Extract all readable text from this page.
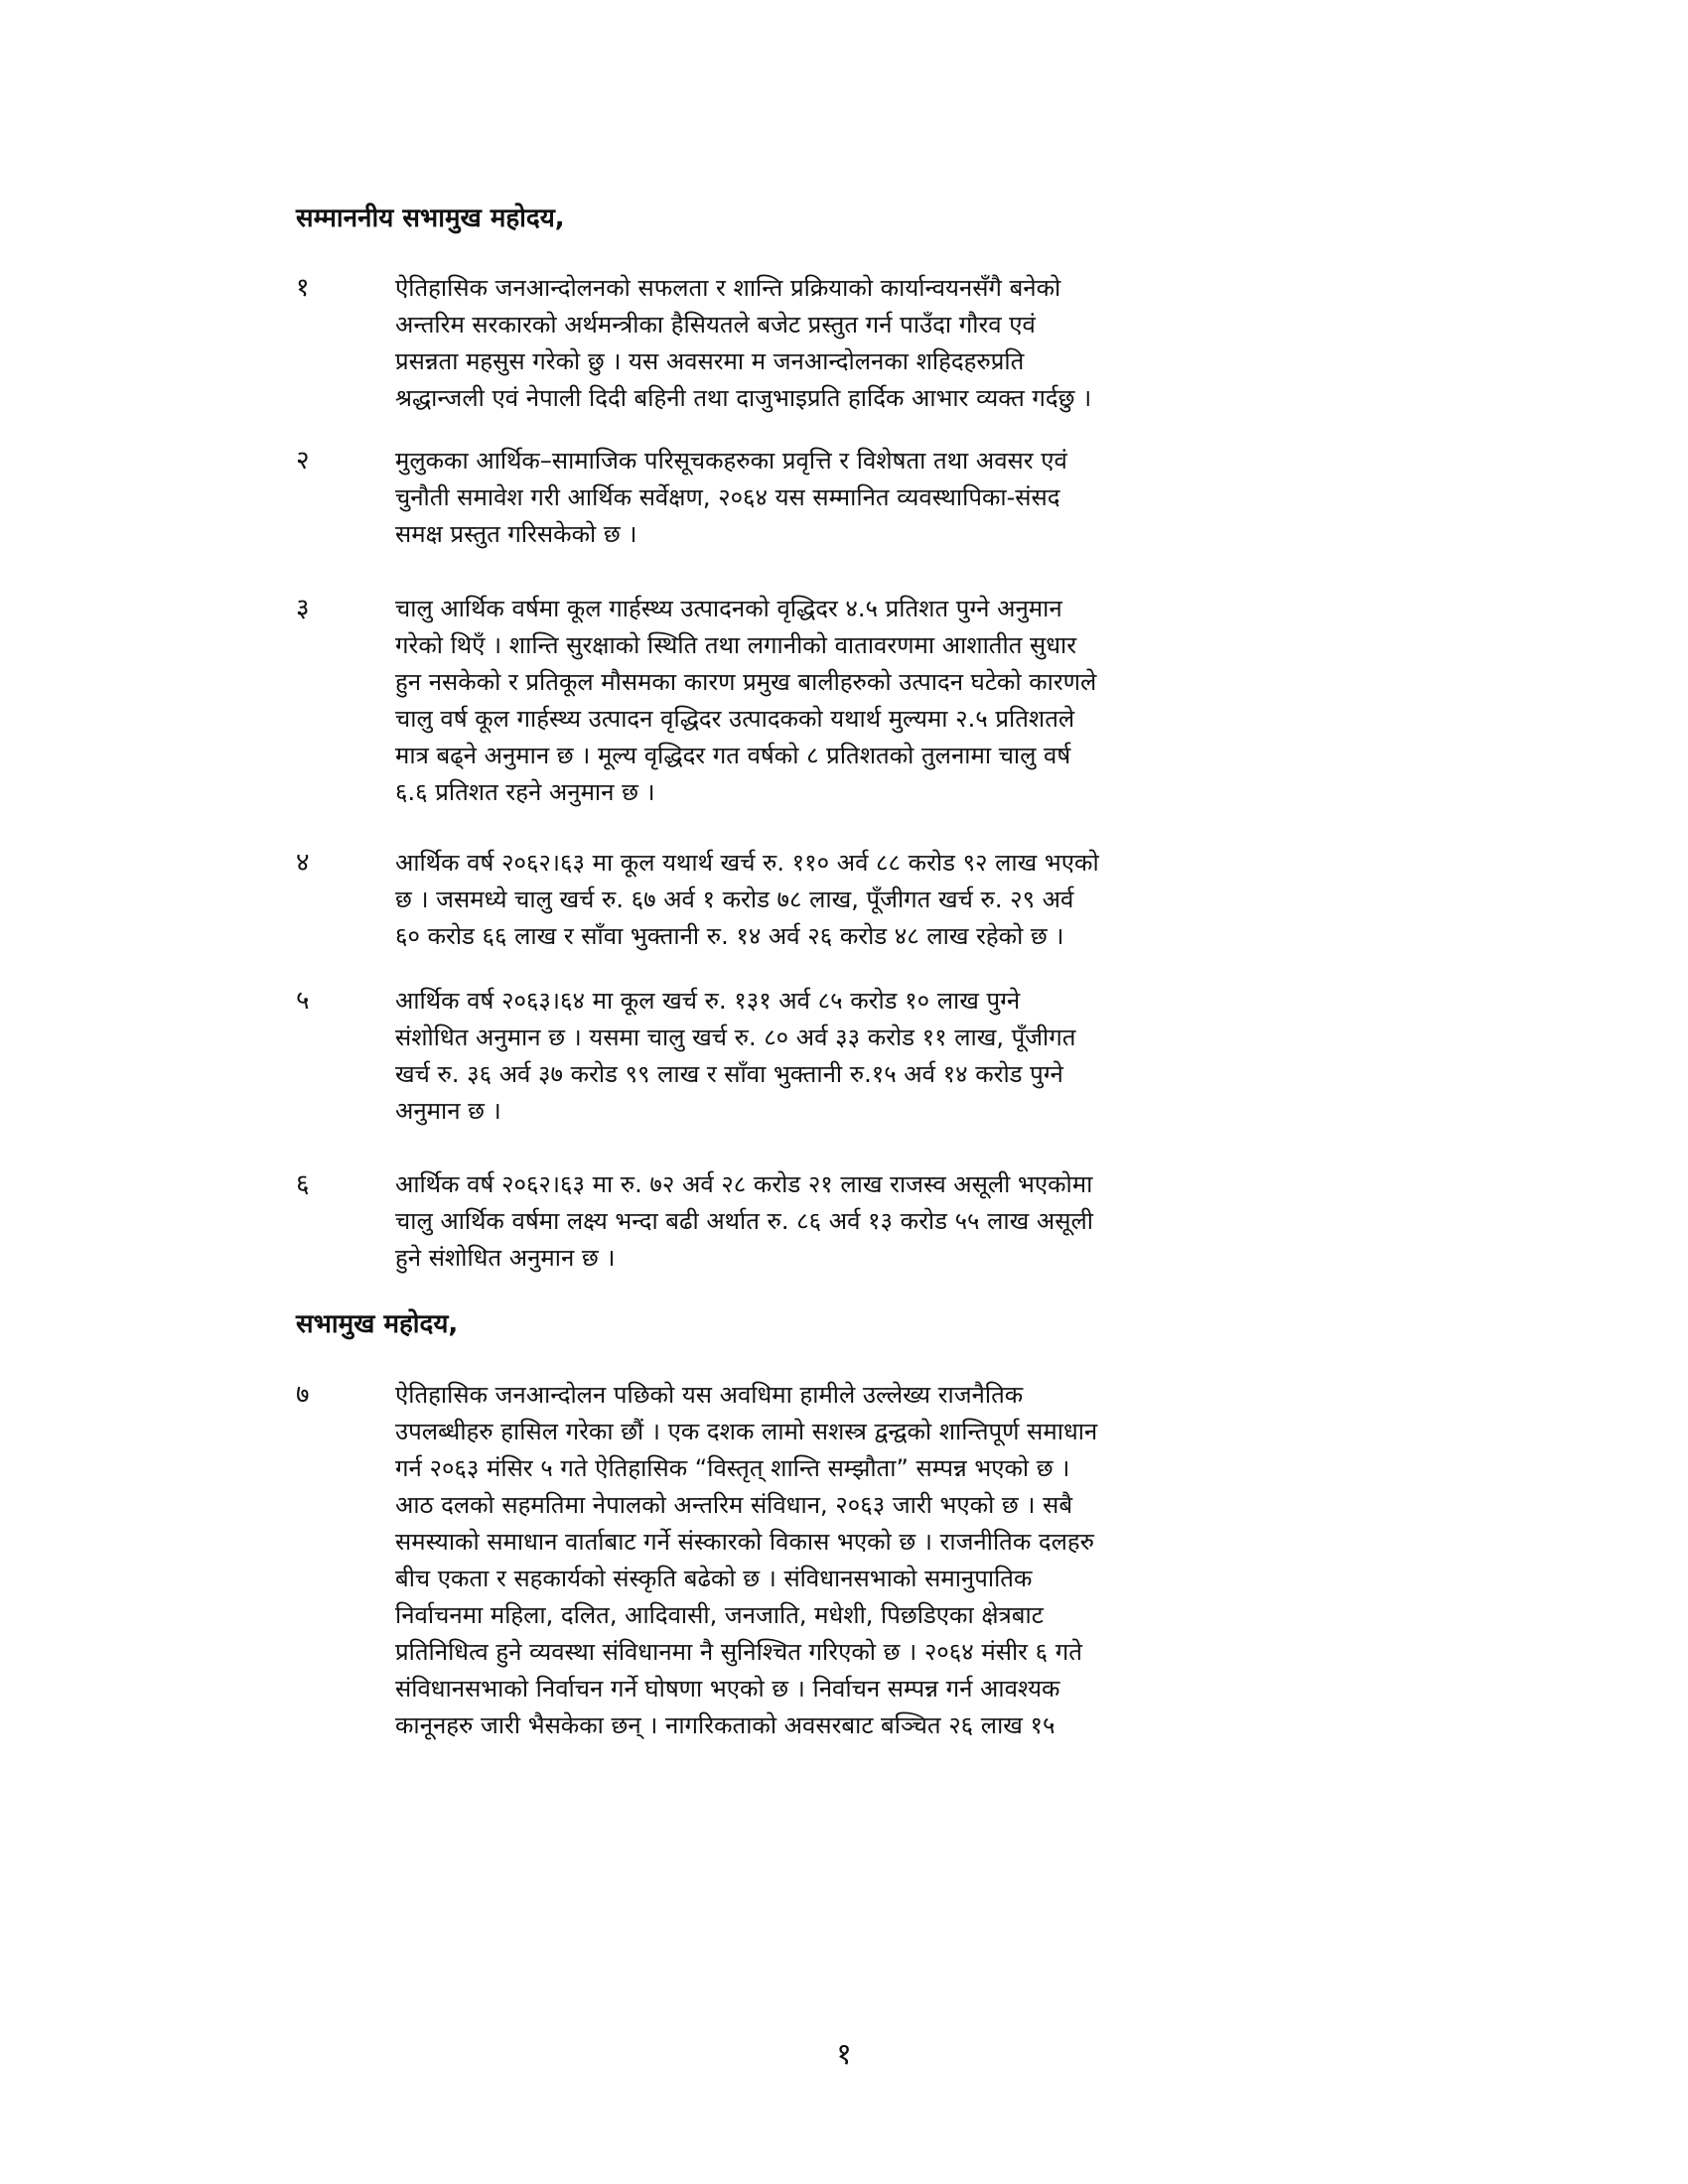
सम्माननीय सभामुख महोदय,
१	ऐतिहासिक जनआन्दोलनको सफलता र शान्ति प्रक्रियाको कार्यान्वयनसँगै बनेको
अन्तरिम सरकारको अर्थमन्त्रीका हैसियतले बजेट प्रस्तुत गर्न पाउँदा गौरव एवं
प्रसन्नता महसुस गरेको छु । यस अवसरमा म जनआन्दोलनका शहिदहरुप्रति
श्रद्धान्जली एवं नेपाली दिदी बहिनी तथा दाजुभाइप्रति हार्दिक आभार व्यक्त गर्दछु ।
२	मुलुकका आर्थिक–सामाजिक परिसूचकहरुका प्रवृत्ति र विशेषता तथा अवसर एवं
चुनौती समावेश गरी आर्थिक सर्वेक्षण, २०६४ यस सम्मानित व्यवस्थापिका-संसद
समक्ष प्रस्तुत गरिसकेको छ ।
३	चालु आर्थिक वर्षमा कूल गार्हस्थ्य उत्पादनको वृद्धिदर ४.५ प्रतिशत पुग्ने अनुमान
गरेको थिएँ । शान्ति सुरक्षाको स्थिति तथा लगानीको वातावरणमा आशातीत सुधार
हुन नसकेको र प्रतिकूल मौसमका कारण प्रमुख बालीहरुको उत्पादन घटेको कारणले
चालु वर्ष कूल गार्हस्थ्य उत्पादन वृद्धिदर उत्पादकको यथार्थ मुल्यमा २.५ प्रतिशतले
मात्र बढ्ने अनुमान छ । मूल्य वृद्धिदर गत वर्षको ८ प्रतिशतको तुलनामा चालु वर्ष
६.६ प्रतिशत रहने अनुमान छ ।
४	आर्थिक वर्ष २०६२।६३ मा कूल यथार्थ खर्च रु. ११० अर्व ८८ करोड ९२ लाख भएको
छ । जसमध्ये चालु खर्च रु. ६७ अर्व १ करोड ७८ लाख, पूँजीगत खर्च रु. २९ अर्व
६० करोड ६६ लाख र साँवा भुक्तानी रु. १४ अर्व २६ करोड ४८ लाख रहेको छ ।
५	आर्थिक वर्ष २०६३।६४ मा कूल खर्च रु. १३१ अर्व ८५ करोड १० लाख पुग्ने
संशोधित अनुमान छ । यसमा चालु खर्च रु. ८० अर्व ३३ करोड ११ लाख, पूँजीगत
खर्च रु. ३६ अर्व ३७ करोड ९९ लाख र साँवा भुक्तानी रु.१५ अर्व १४ करोड पुग्ने
अनुमान छ ।
६	आर्थिक वर्ष २०६२।६३ मा रु. ७२ अर्व २८ करोड २१ लाख राजस्व असूली भएकोमा
चालु आर्थिक वर्षमा लक्ष्य भन्दा बढी अर्थात रु. ८६ अर्व १३ करोड ५५ लाख असूली
हुने संशोधित अनुमान छ ।
सभामुख महोदय,
७	ऐतिहासिक जनआन्दोलन पछिको यस अवधिमा हामीले उल्लेख्य राजनैतिक
उपलब्धीहरु हासिल गरेका छौं । एक दशक लामो सशस्त्र द्वन्द्वको शान्तिपूर्ण समाधान
गर्न २०६३ मंसिर ५ गते ऐतिहासिक “विस्तृत् शान्ति सम्झौता” सम्पन्न भएको छ ।
आठ दलको सहमतिमा नेपालको अन्तरिम संविधान, २०६३ जारी भएको छ । सबै
समस्याको समाधान वार्ताबाट गर्ने संस्कारको विकास भएको छ । राजनीतिक दलहरु
बीच एकता र सहकार्यको संस्कृति बढेको छ । संविधानसभाको समानुपातिक
निर्वाचनमा महिला, दलित, आदिवासी, जनजाति, मधेशी, पिछडिएका क्षेत्रबाट
प्रतिनिधित्व हुने व्यवस्था संविधानमा नै सुनिश्चित गरिएको छ । २०६४ मंसीर ६ गते
संविधानसभाको निर्वाचन गर्ने घोषणा भएको छ । निर्वाचन सम्पन्न गर्न आवश्यक
कानूनहरु जारी भैसकेका छन् । नागरिकताको अवसरबाट बञ्चित २६ लाख १५
१
